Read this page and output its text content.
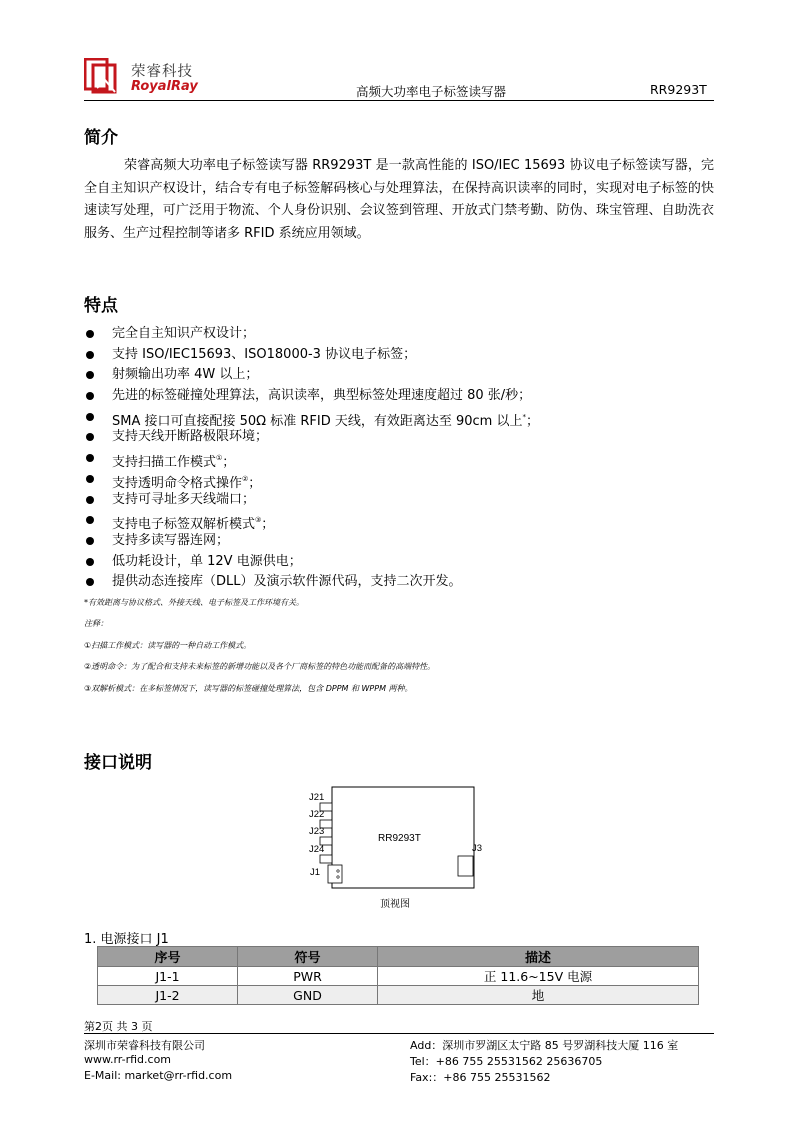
荣睿科技
RoyalRay	高频大功率电子标签读写器	RR9293T
简介
荣睿高频大功率电子标签读写器 RR9293T 是一款高性能的 ISO/IEC 15693 协议电子标签读写器，完全自主知识产权设计，结合专有电子标签解码核心与处理算法，在保持高识读率的同时，实现对电子标签的快速读写处理，可广泛用于物流、个人身份识别、会议签到管理、开放式门禁考勤、防伪、珠宝管理、自助洗衣服务、生产过程控制等诸多 RFID 系统应用领域。
特点
完全自主知识产权设计；
支持 ISO/IEC15693、ISO18000-3 协议电子标签；
射频输出功率 4W 以上；
先进的标签碰撞处理算法，高识读率，典型标签处理速度超过 80 张/秒；
SMA 接口可直接配接 50Ω 标准 RFID 天线，有效距离达至 90cm 以上*；
支持天线开断路极限环境；
支持扫描工作模式①；
支持透明命令格式操作②；
支持可寻址多天线端口；
支持电子标签双解析模式③；
支持多读写器连网；
低功耗设计，单 12V 电源供电；
提供动态连接库（DLL）及演示软件源代码，支持二次开发。
*有效距离与协议格式、外接天线、电子标签及工作环境有关。
注释：
①扫描工作模式：读写器的一种自动工作模式。
②透明命令：为了配合和支持未来标签的新增功能以及各个厂商标签的特色功能而配备的高端特性。
③双解析模式：在多标签情况下，读写器的标签碰撞处理算法，包含 DPPM 和 WPPM 两种。
接口说明
RR9293T
J21
J22
J23
J24
J1
J3
顶视图
1. 电源接口 J1
序号	符号	描述
J1-1	PWR	正 11.6~15V 电源
J1-2	GND	地
第2页 共 3 页
深圳市荣睿科技有限公司
www.rr-rfid.com
E-Mail: market@rr-rfid.com
Add：深圳市罗湖区太宁路 85 号罗湖科技大厦 116 室
Tel：+86 755 25531562 25636705
Fax:：+86 755 25531562
